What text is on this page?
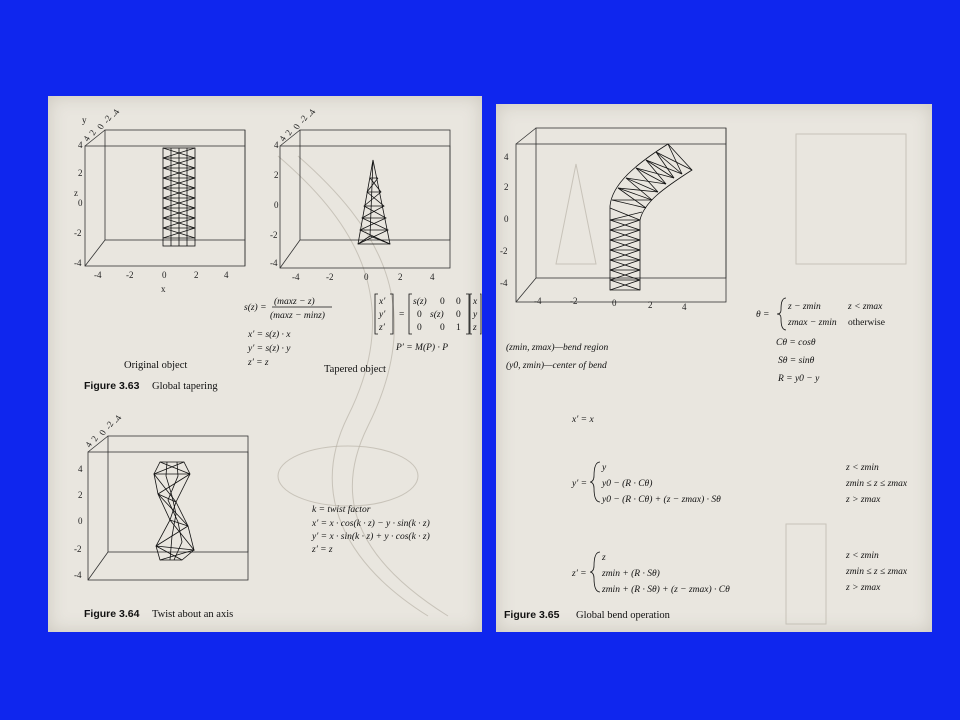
y
z
x
4
2
0
-2
-4
-4	-2	0	2	4
4
2
0
-2
-4
4
2
0
-2
-4
-4	-2	0	2	4
4
2
0
-2
-4
s(z) =
(maxz − z)
(maxz − minz)
x′ = s(z) · x
y′ = s(z) · y
z′ = z
x′
y′
z′
=
s(z) 0 0
0 s(z) 0
0 0 1
x
y
z
P′ = M(P) · P
Original object	Tapered object
Figure 3.63 Global tapering
4
2
0
-2
-4
4
2
0
-2
-4
k = twist factor
x′ = x · cos(k · z) − y · sin(k · z)
y′ = x · sin(k · z) + y · cos(k · z)
z′ = z
Figure 3.64 Twist about an axis
4
2
0
-2
-4
-4	-2	0	2	4
θ =
z − zmin	z < zmax
zmax − zmin otherwise
Cθ = cosθ
Sθ = sinθ
R = y0 − y
(zmin, zmax)—bend region
(y0, zmin)—center of bend
x′ = x
y′ =
y
y0 − (R · Cθ)
y0 − (R · Cθ) + (z − zmax) · Sθ
z < zmin
zmin ≤ z ≤ zmax
z > zmax
z′ =
z
zmin + (R · Sθ)
zmin + (R · Sθ) + (z − zmax) · Cθ
z < zmin
zmin ≤ z ≤ zmax
z > zmax
Figure 3.65 Global bend operation
